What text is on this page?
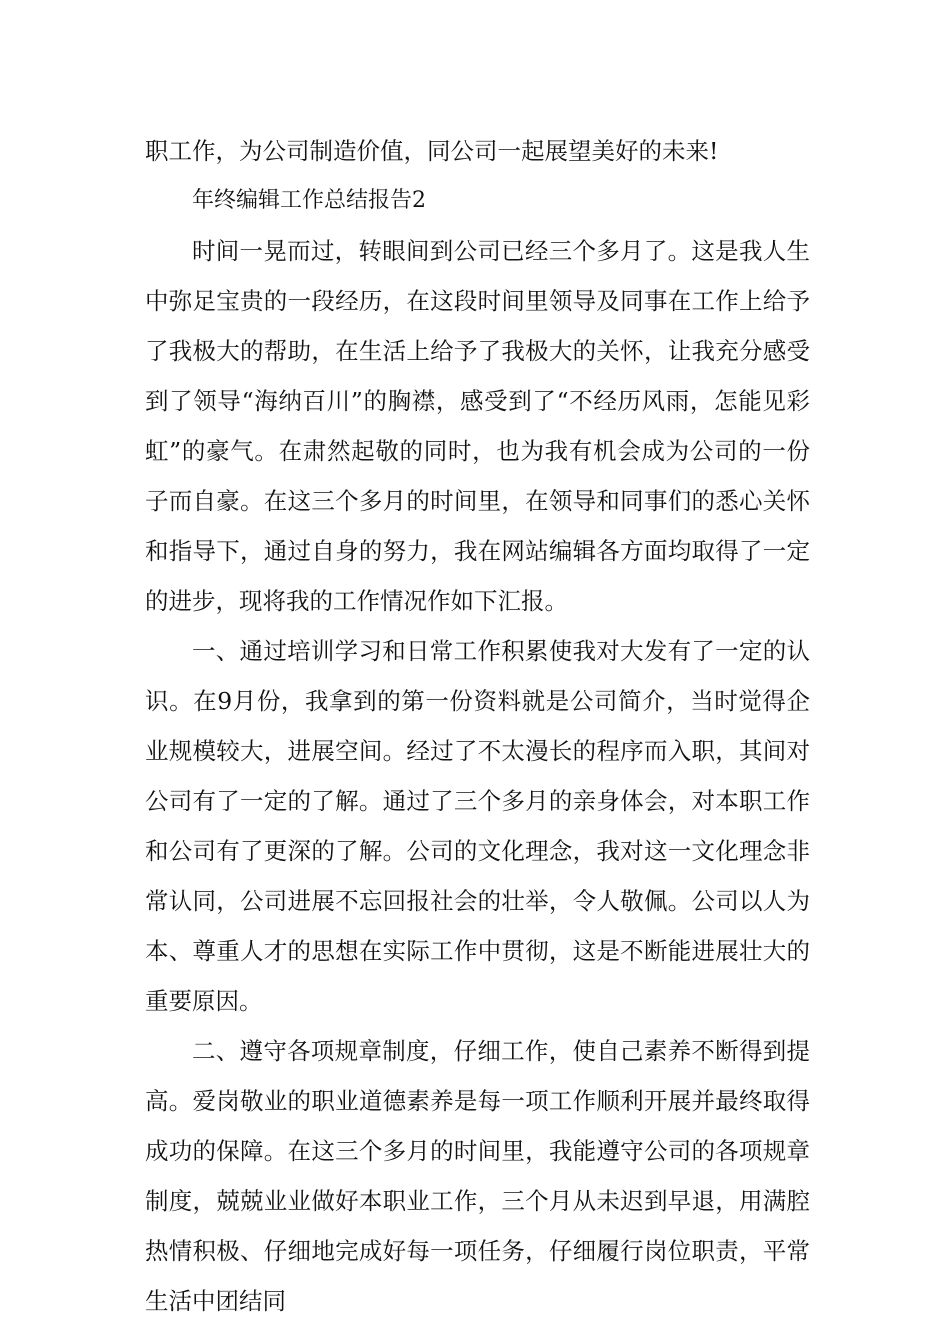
职工作，为公司制造价值，同公司一起展望美好的未来!

年终编辑工作总结报告2

时间一晃而过，转眼间到公司已经三个多月了。这是我人生中弥足宝贵的一段经历，在这段时间里领导及同事在工作上给予了我极大的帮助，在生活上给予了我极大的关怀，让我充分感受到了领导“海纳百川”的胸襟，感受到了“不经历风雨，怎能见彩虹”的豪气。在肃然起敬的同时，也为我有机会成为公司的一份子而自豪。在这三个多月的时间里，在领导和同事们的悉心关怀和指导下，通过自身的努力，我在网站编辑各方面均取得了一定的进步，现将我的工作情况作如下汇报。

一、通过培训学习和日常工作积累使我对大发有了一定的认识。在9月份，我拿到的第一份资料就是公司简介，当时觉得企业规模较大，进展空间。经过了不太漫长的程序而入职，其间对公司有了一定的了解。通过了三个多月的亲身体会，对本职工作和公司有了更深的了解。公司的文化理念，我对这一文化理念非常认同，公司进展不忘回报社会的壮举，令人敬佩。公司以人为本、尊重人才的思想在实际工作中贯彻，这是不断能进展壮大的重要原因。

二、遵守各项规章制度，仔细工作，使自己素养不断得到提高。爱岗敬业的职业道德素养是每一项工作顺利开展并最终取得成功的保障。在这三个多月的时间里，我能遵守公司的各项规章制度，兢兢业业做好本职业工作，三个月从未迟到早退，用满腔热情积极、仔细地完成好每一项任务，仔细履行岗位职责，平常生活中团结同
